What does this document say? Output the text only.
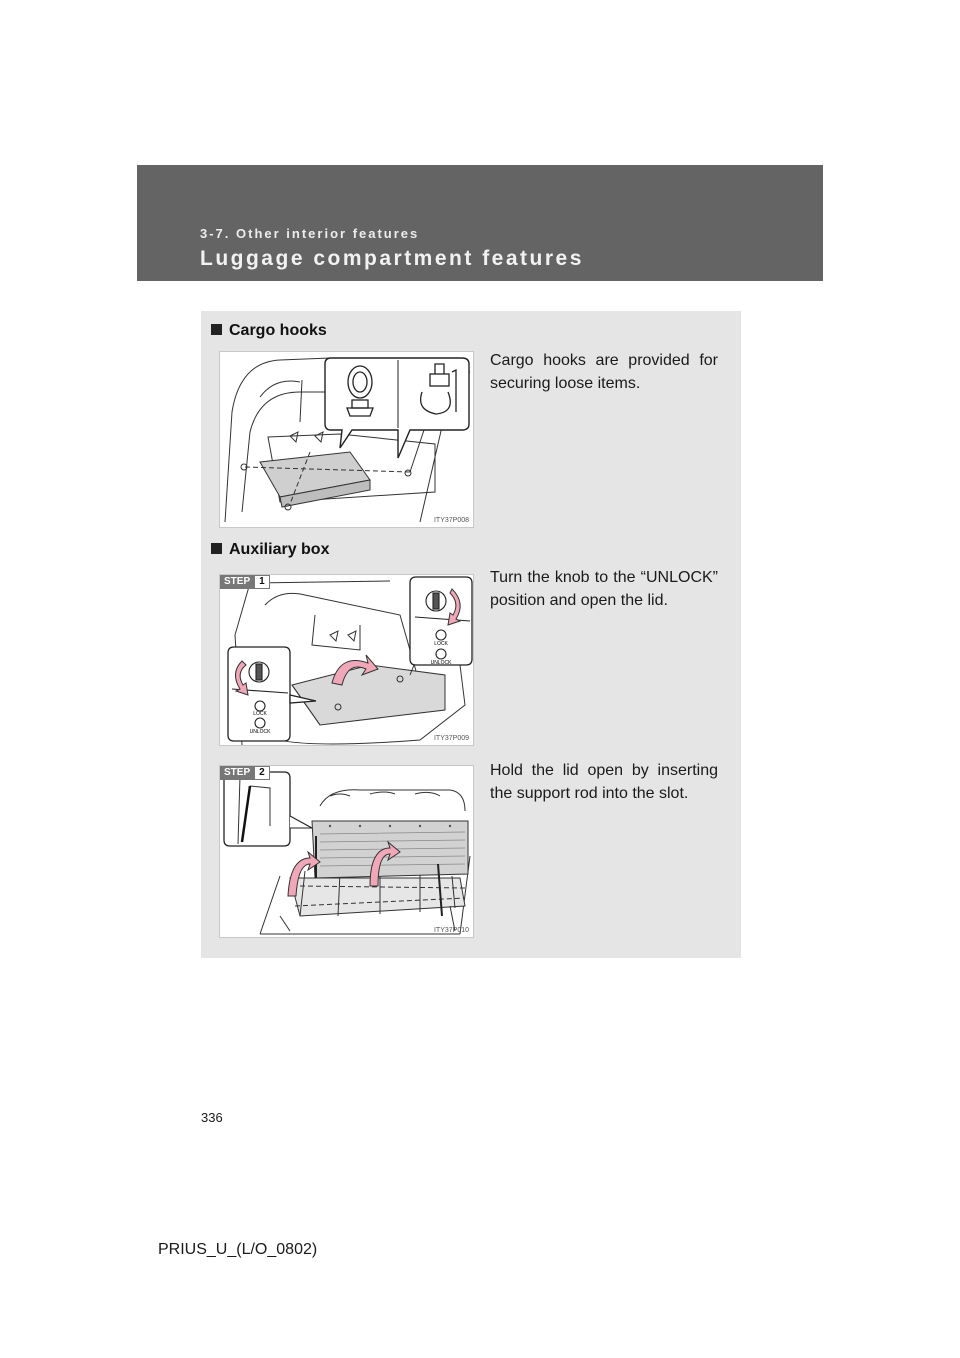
3-7. Other interior features
Luggage compartment features
Cargo hooks
Cargo hooks are provided for securing loose items.
ITY37P008
Auxiliary box
Turn the knob to the “UNLOCK” position and open the lid.
LOCK
UNLOCK
LOCK
UNLOCK
STEP 1
ITY37P009
Hold the lid open by inserting the support rod into the slot.
STEP 2
ITY37P010
336
PRIUS_U_(L/O_0802)
